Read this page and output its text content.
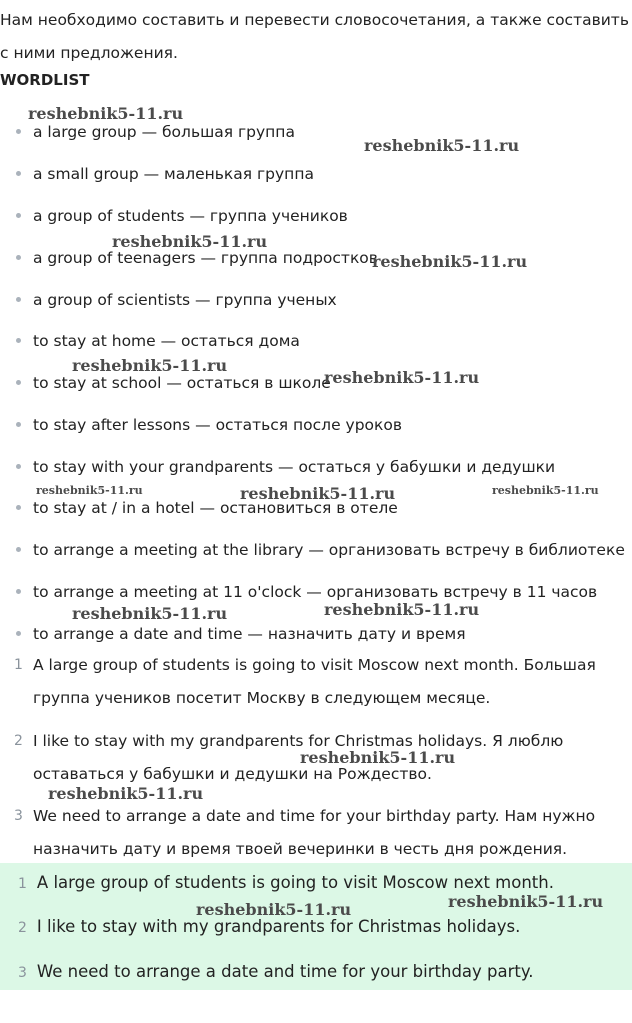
Нам необходимо составить и перевести словосочетания, а также составить с ними предложения.

WORDLIST

a large group — большая группа
a small group — маленькая группа
a group of students — группа учеников
a group of teenagers — группа подростков
a group of scientists — группа ученых
to stay at home — остаться дома
to stay at school — остаться в школе
to stay after lessons — остаться после уроков
to stay with your grandparents — остаться у бабушки и дедушки
to stay at / in a hotel — остановиться в отеле
to arrange a meeting at the library — организовать встречу в библиотеке
to arrange a meeting at 11 o'clock — организовать встречу в 11 часов
to arrange a date and time — назначить дату и время
1 A large group of students is going to visit Moscow next month. Большая группа учеников посетит Москву в следующем месяце.
2 I like to stay with my grandparents for Christmas holidays. Я люблю оставаться у бабушки и дедушки на Рождество.
3 We need to arrange a date and time for your birthday party. Нам нужно назначить дату и время твоей вечеринки в честь дня рождения.
1 A large group of students is going to visit Moscow next month.
2 I like to stay with my grandparents for Christmas holidays.
3 We need to arrange a date and time for your birthday party.
reshebnik5-11.ru
reshebnik5-11.ru
reshebnik5-11.ru
reshebnik5-11.ru
reshebnik5-11.ru
reshebnik5-11.ru
reshebnik5-11.ru	reshebnik5-11.ru	reshebnik5-11.ru
reshebnik5-11.ru	reshebnik5-11.ru
reshebnik5-11.ru
reshebnik5-11.ru
reshebnik5-11.ru	reshebnik5-11.ru
